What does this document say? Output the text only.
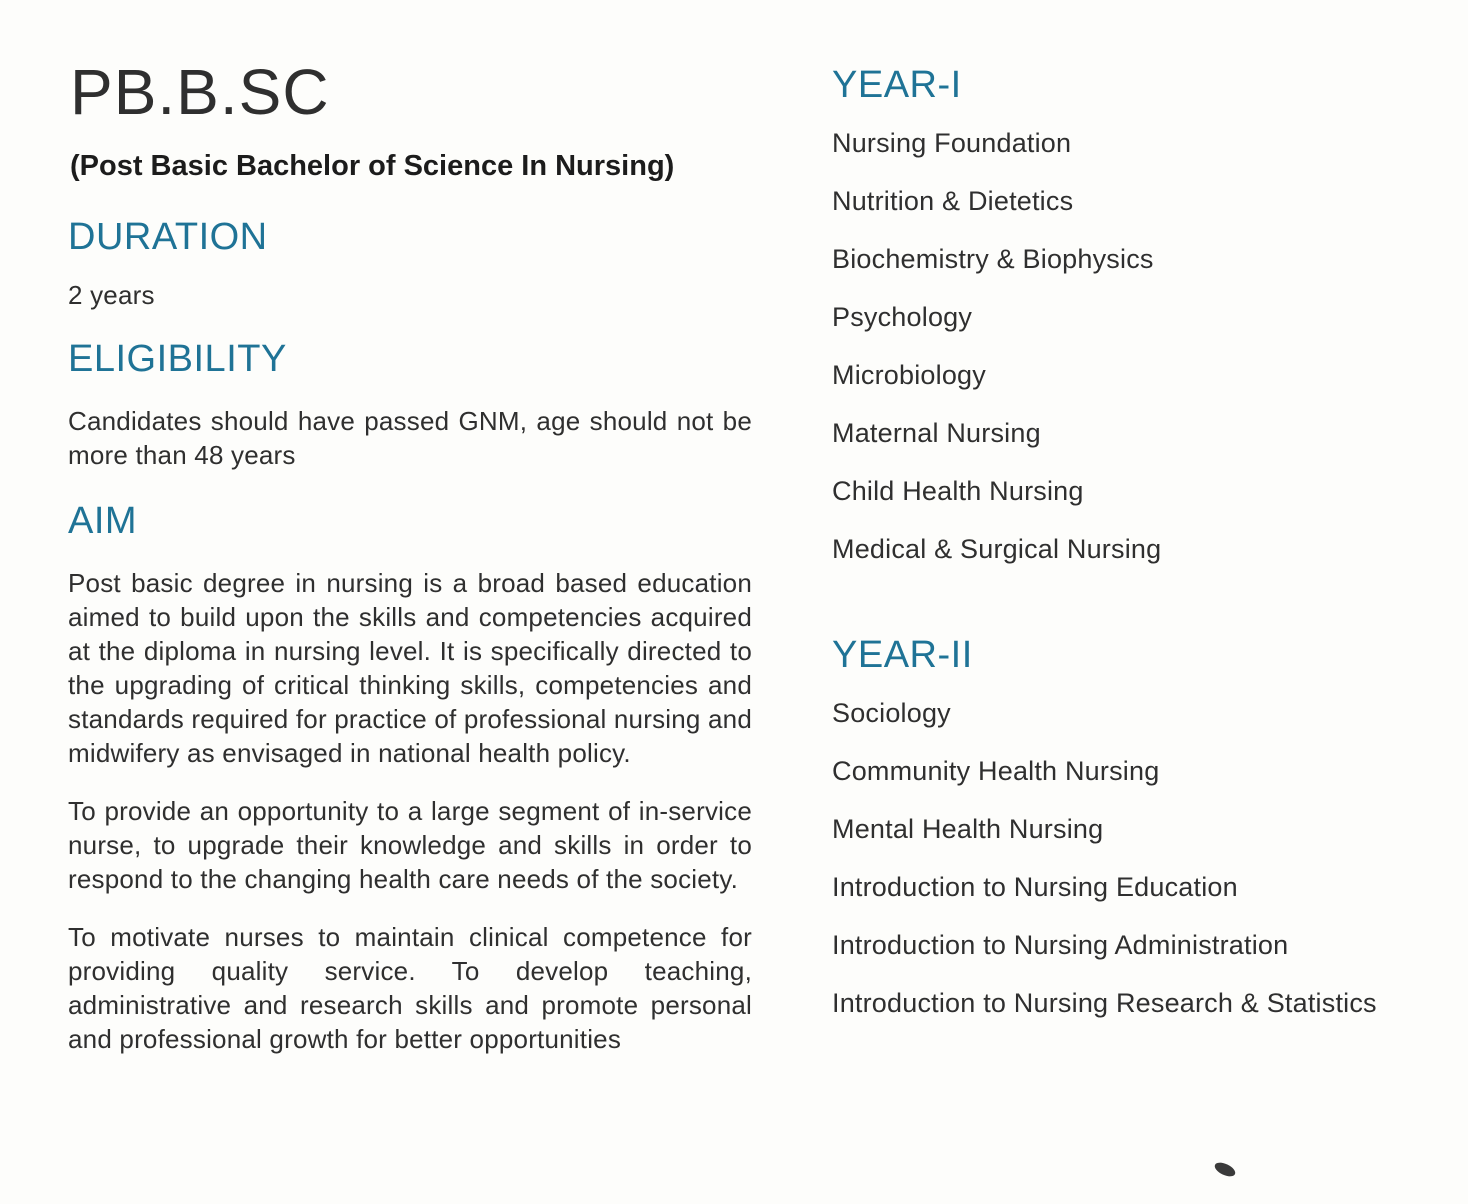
PB.B.SC
(Post Basic Bachelor of Science In Nursing)
DURATION

2 years

ELIGIBILITY

Candidates should have passed GNM, age should not be more than 48 years

AIM

Post basic degree in nursing is a broad based education aimed to build upon the skills and competencies acquired at the diploma in nursing level. It is specifically directed to the upgrading of critical thinking skills, competencies and standards required for practice of professional nursing and midwifery as envisaged in national health policy.

To provide an opportunity to a large segment of in-service nurse, to upgrade their knowledge and skills in order to respond to the changing health care needs of the society.

To motivate nurses to maintain clinical competence for providing quality service. To develop teaching, administrative and research skills and promote personal and professional growth for better opportunities

YEAR-I
Nursing Foundation
Nutrition & Dietetics
Biochemistry & Biophysics
Psychology
Microbiology
Maternal Nursing
Child Health Nursing
Medical & Surgical Nursing
YEAR-II
Sociology
Community Health Nursing
Mental Health Nursing
Introduction to Nursing Education
Introduction to Nursing Administration
Introduction to Nursing Research & Statistics
